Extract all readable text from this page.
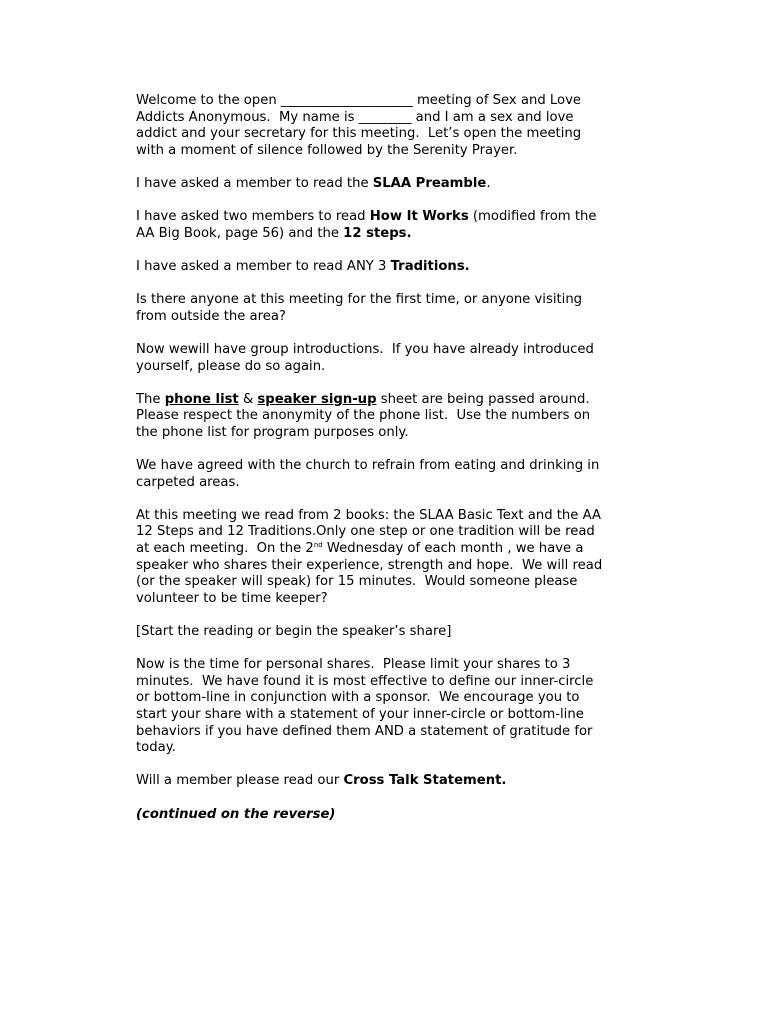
Welcome to the open ____________________ meeting of Sex and Love
Addicts Anonymous.  My name is ________ and I am a sex and love
addict and your secretary for this meeting.  Let’s open the meeting
with a moment of silence followed by the Serenity Prayer.
I have asked a member to read the SLAA Preamble.
I have asked two members to read How It Works (modified from the
AA Big Book, page 56) and the 12 steps.
I have asked a member to read ANY 3 Traditions.
Is there anyone at this meeting for the first time, or anyone visiting
from outside the area?
Now wewill have group introductions.  If you have already introduced
yourself, please do so again.
The phone list & speaker sign-up sheet are being passed around.
Please respect the anonymity of the phone list.  Use the numbers on
the phone list for program purposes only.
We have agreed with the church to refrain from eating and drinking in
carpeted areas.
At this meeting we read from 2 books: the SLAA Basic Text and the AA
12 Steps and 12 Traditions.Only one step or one tradition will be read
at each meeting.  On the 2nd Wednesday of each month , we have a
speaker who shares their experience, strength and hope.  We will read
(or the speaker will speak) for 15 minutes.  Would someone please
volunteer to be time keeper?
[Start the reading or begin the speaker’s share]
Now is the time for personal shares.  Please limit your shares to 3
minutes.  We have found it is most effective to define our inner-circle
or bottom-line in conjunction with a sponsor.  We encourage you to
start your share with a statement of your inner-circle or bottom-line
behaviors if you have defined them AND a statement of gratitude for
today.
Will a member please read our Cross Talk Statement.
(continued on the reverse)
